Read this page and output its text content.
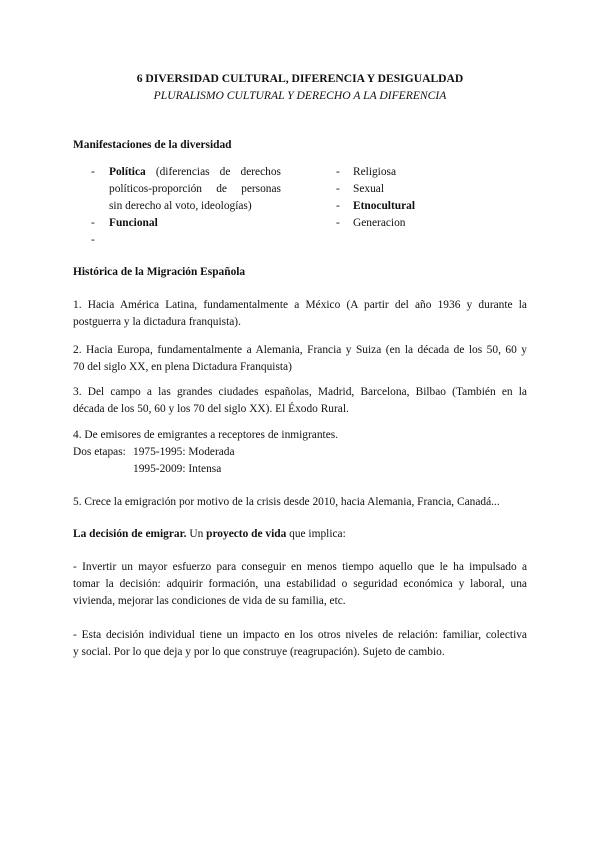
6 DIVERSIDAD CULTURAL, DIFERENCIA Y DESIGUALDAD
PLURALISMO CULTURAL Y DERECHO A LA DIFERENCIA
Manifestaciones de la diversidad
- Política (diferencias de derechos
políticos-proporción de personas
sin derecho al voto, ideologías)
- Funcional
-
- Religiosa
- Sexual
- Etnocultural
- Generacion
Histórica de la Migración Española
1. Hacia América Latina, fundamentalmente a México (A partir del año 1936 y durante la
postguerra y la dictadura franquista).
2. Hacia Europa, fundamentalmente a Alemania, Francia y Suiza (en la década de los 50, 60 y
70 del siglo XX, en plena Dictadura Franquista)
3. Del campo a las grandes ciudades españolas, Madrid, Barcelona, Bilbao (También en la
década de los 50, 60 y los 70 del siglo XX). El Éxodo Rural.
4. De emisores de emigrantes a receptores de inmigrantes.
Dos etapas: 1975-1995: Moderada
1995-2009: Intensa
5. Crece la emigración por motivo de la crisis desde 2010, hacia Alemania, Francia, Canadá...
La decisión de emigrar. Un proyecto de vida que implica:
- Invertir un mayor esfuerzo para conseguir en menos tiempo aquello que le ha impulsado a
tomar la decisión: adquirir formación, una estabilidad o seguridad económica y laboral, una
vivienda, mejorar las condiciones de vida de su familia, etc.
- Esta decisión individual tiene un impacto en los otros niveles de relación: familiar, colectiva
y social. Por lo que deja y por lo que construye (reagrupación). Sujeto de cambio.
